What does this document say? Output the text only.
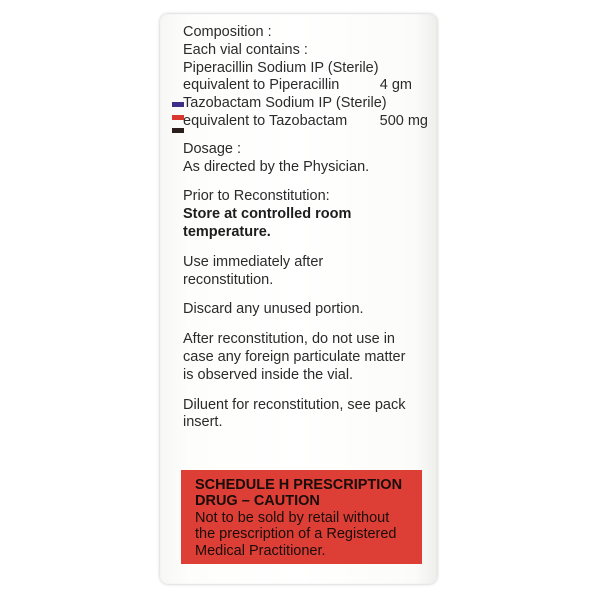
Composition :
Each vial contains :
Piperacillin Sodium IP (Sterile)
equivalent to Piperacillin	4 gm
Tazobactam Sodium IP (Sterile)
equivalent to Tazobactam 500 mg
Dosage :
As directed by the Physician.
Prior to Reconstitution:
Store at controlled room
temperature.
Use immediately after
reconstitution.
Discard any unused portion.
After reconstitution, do not use in
case any foreign particulate matter
is observed inside the vial.
Diluent for reconstitution, see pack
insert.
SCHEDULE H PRESCRIPTION
DRUG – CAUTION
Not to be sold by retail without
the prescription of a Registered
Medical Practitioner.
